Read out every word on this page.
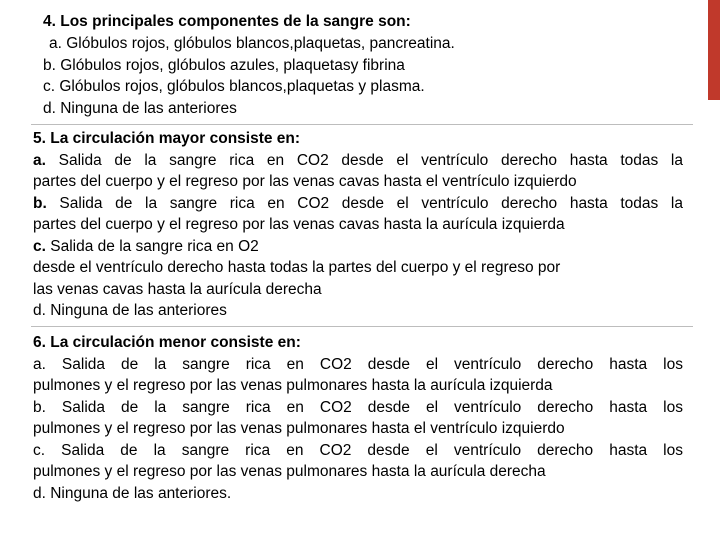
4. Los principales componentes de la sangre son:
a. Glóbulos rojos, glóbulos blancos,plaquetas, pancreatina.
b. Glóbulos rojos, glóbulos azules, plaquetasy fibrina
c. Glóbulos rojos, glóbulos blancos,plaquetas y plasma.
d. Ninguna de las anteriores
5. La circulación mayor consiste en:
a. Salida de la sangre rica en CO2 desde el ventrículo derecho hasta todas la
partes del cuerpo y el regreso por las venas cavas hasta el ventrículo izquierdo
b. Salida de la sangre rica en CO2 desde el ventrículo derecho hasta todas la
partes del cuerpo y el regreso por las venas cavas hasta la aurícula izquierda
c. Salida de la sangre rica en O2
desde el ventrículo derecho hasta todas la partes del cuerpo y el regreso por
las venas cavas hasta la aurícula derecha
d. Ninguna de las anteriores
6. La circulación menor consiste en:
a. Salida de la sangre rica en CO2 desde el ventrículo derecho hasta los
pulmones y el regreso por las venas pulmonares hasta la aurícula izquierda
b. Salida de la sangre rica en CO2 desde el ventrículo derecho hasta los
pulmones y el regreso por las venas pulmonares hasta el ventrículo izquierdo
c. Salida de la sangre rica en CO2 desde el ventrículo derecho hasta los
pulmones y el regreso por las venas pulmonares hasta la aurícula derecha
d. Ninguna de las anteriores.
